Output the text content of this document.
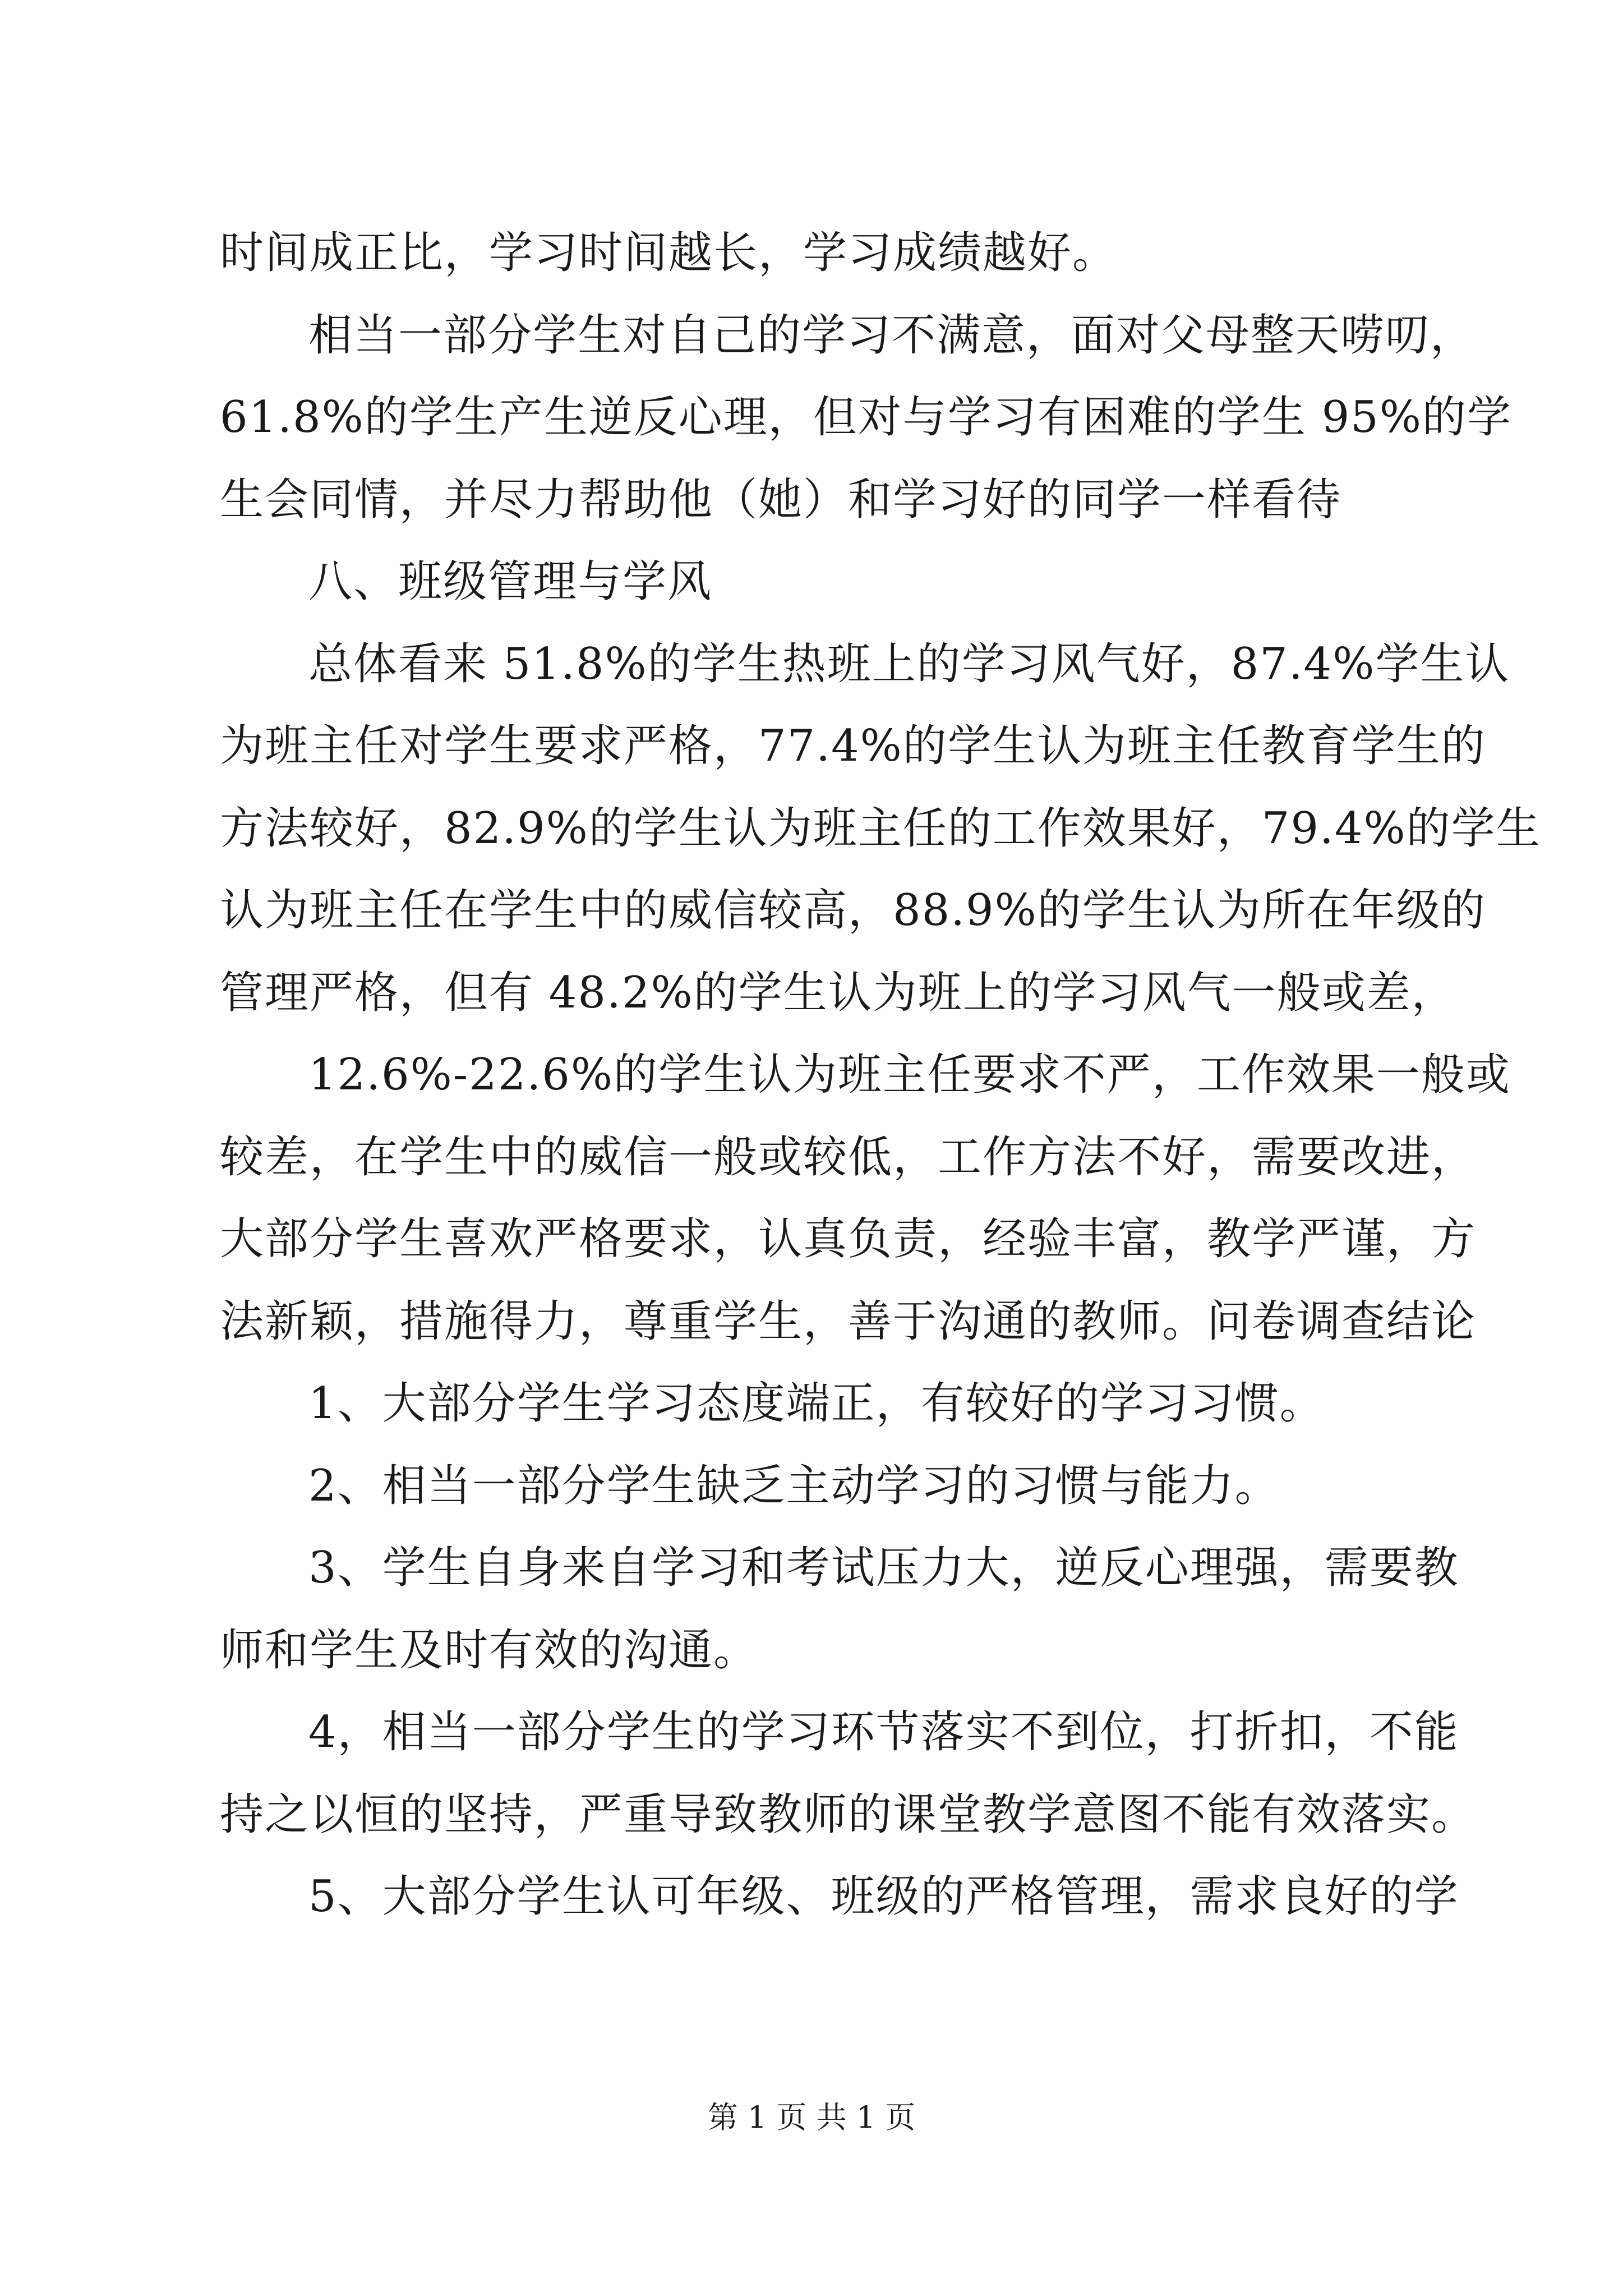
时间成正比，学习时间越长，学习成绩越好。
相当一部分学生对自己的学习不满意，面对父母整天唠叨，
61.8%的学生产生逆反心理，但对与学习有困难的学生 95%的学
生会同情，并尽力帮助他（她）和学习好的同学一样看待
八、班级管理与学风
总体看来 51.8%的学生热班上的学习风气好，87.4%学生认
为班主任对学生要求严格，77.4%的学生认为班主任教育学生的
方法较好，82.9%的学生认为班主任的工作效果好，79.4%的学生
认为班主任在学生中的威信较高，88.9%的学生认为所在年级的
管理严格，但有 48.2%的学生认为班上的学习风气一般或差，
12.6%-22.6%的学生认为班主任要求不严，工作效果一般或
较差，在学生中的威信一般或较低，工作方法不好，需要改进，
大部分学生喜欢严格要求，认真负责，经验丰富，教学严谨，方
法新颖，措施得力，尊重学生，善于沟通的教师。问卷调查结论
1、大部分学生学习态度端正，有较好的学习习惯。
2、相当一部分学生缺乏主动学习的习惯与能力。
3、学生自身来自学习和考试压力大，逆反心理强，需要教
师和学生及时有效的沟通。
4，相当一部分学生的学习环节落实不到位，打折扣，不能
持之以恒的坚持，严重导致教师的课堂教学意图不能有效落实。
5、大部分学生认可年级、班级的严格管理，需求良好的学
第 1 页 共 1 页
